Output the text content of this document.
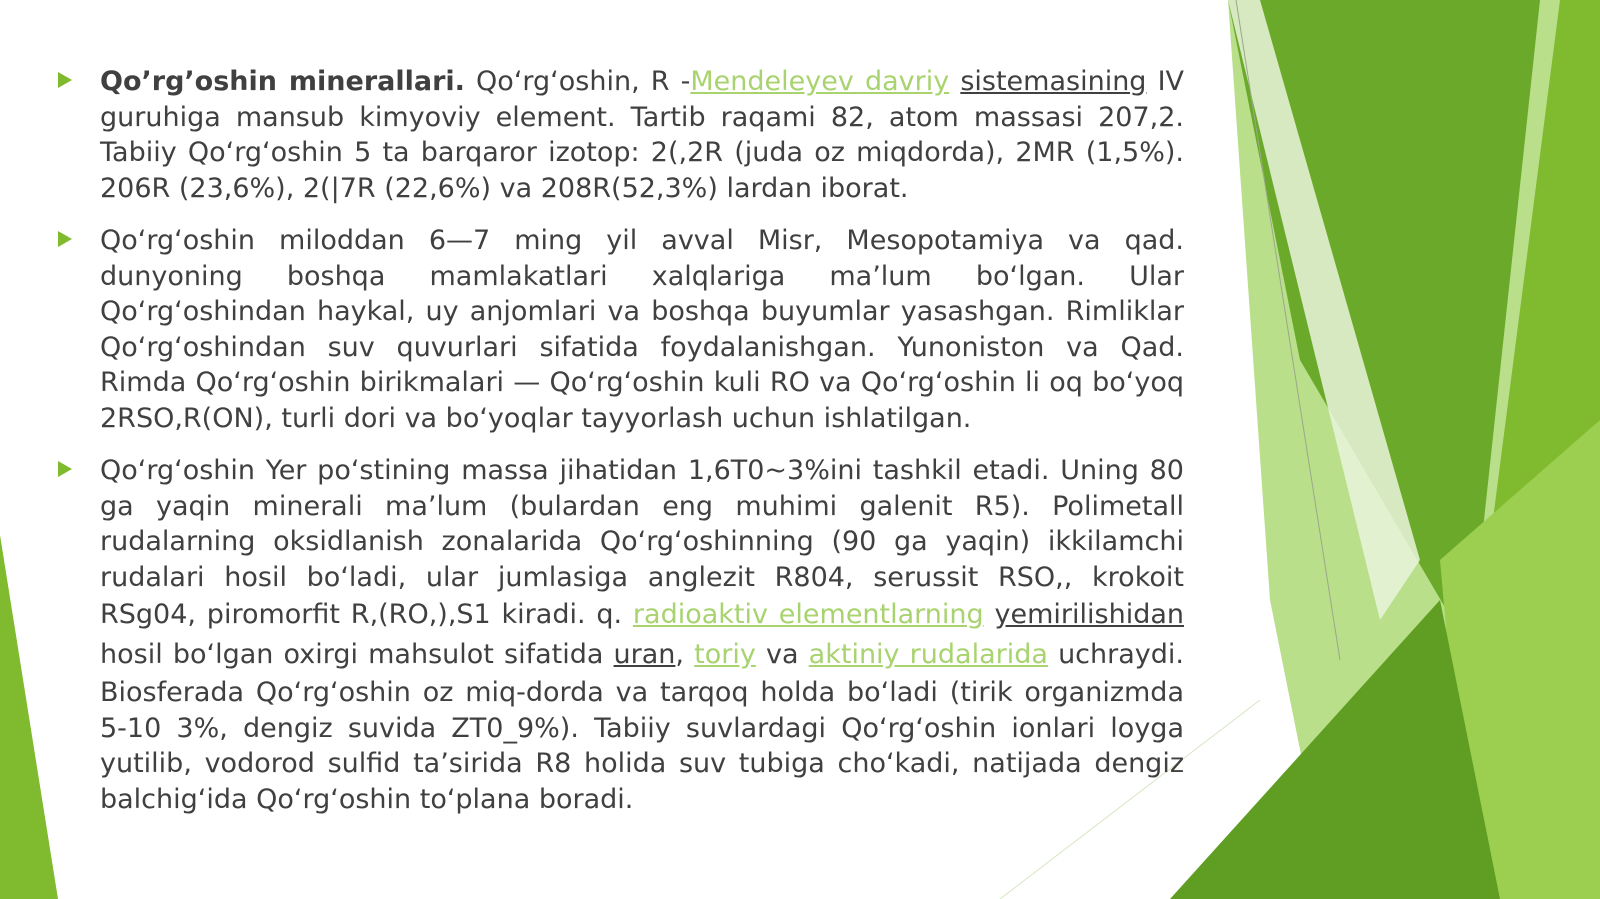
Qo’rg’oshin minerallari. Qo‘rg‘oshin, R -Mendeleyev davriy sistemasining IV guruhiga mansub kimyoviy element. Tartib raqami 82, atom massasi 207,2. Tabiiy Qo‘rg‘oshin 5 ta barqaror izotop: 2(,2R (juda oz miqdorda), 2MR (1,5%). 206R (23,6%), 2(|7R (22,6%) va 208R(52,3%) lardan iborat.
Qo‘rg‘oshin miloddan 6—7 ming yil avval Misr, Mesopotamiya va qad. dunyoning boshqa mamlakatlari xalqlariga ma’lum bo‘lgan. Ular Qo‘rg‘oshindan haykal, uy anjomlari va boshqa buyumlar yasashgan. Rimliklar Qo‘rg‘oshindan suv quvurlari sifatida foydalanishgan. Yunoniston va Qad. Rimda Qo‘rg‘oshin birikmalari — Qo‘rg‘oshin kuli RO va Qo‘rg‘oshin li oq bo‘yoq 2RSO,R(ON), turli dori va bo‘yoqlar tayyorlash uchun ishlatilgan.
Qo‘rg‘oshin Yer po‘stining massa jihatidan 1,6T0~3%ini tashkil etadi. Uning 80 ga yaqin minerali ma’lum (bulardan eng muhimi galenit R5). Polimetall rudalarning oksidlanish zonalarida Qo‘rg‘oshinning (90 ga yaqin) ikkilamchi rudalari hosil bo‘ladi, ular jumlasiga anglezit R804, serussit RSO,, krokoit RSg04, piromorfit R,(RO,),S1 kiradi. q. radioaktiv elementlarning yemirilishidan hosil bo‘lgan oxirgi mahsulot sifatida uran, toriy va aktiniy rudalarida uchraydi. Biosferada Qo‘rg‘oshin oz miq-dorda va tarqoq holda bo‘ladi (tirik organizmda 5-10 3%, dengiz suvida ZT0_9%). Tabiiy suvlardagi Qo‘rg‘oshin ionlari loyga yutilib, vodorod sulfid ta’sirida R8 holida suv tubiga cho‘kadi, natijada dengiz balchig‘ida Qo‘rg‘oshin to‘plana boradi.
